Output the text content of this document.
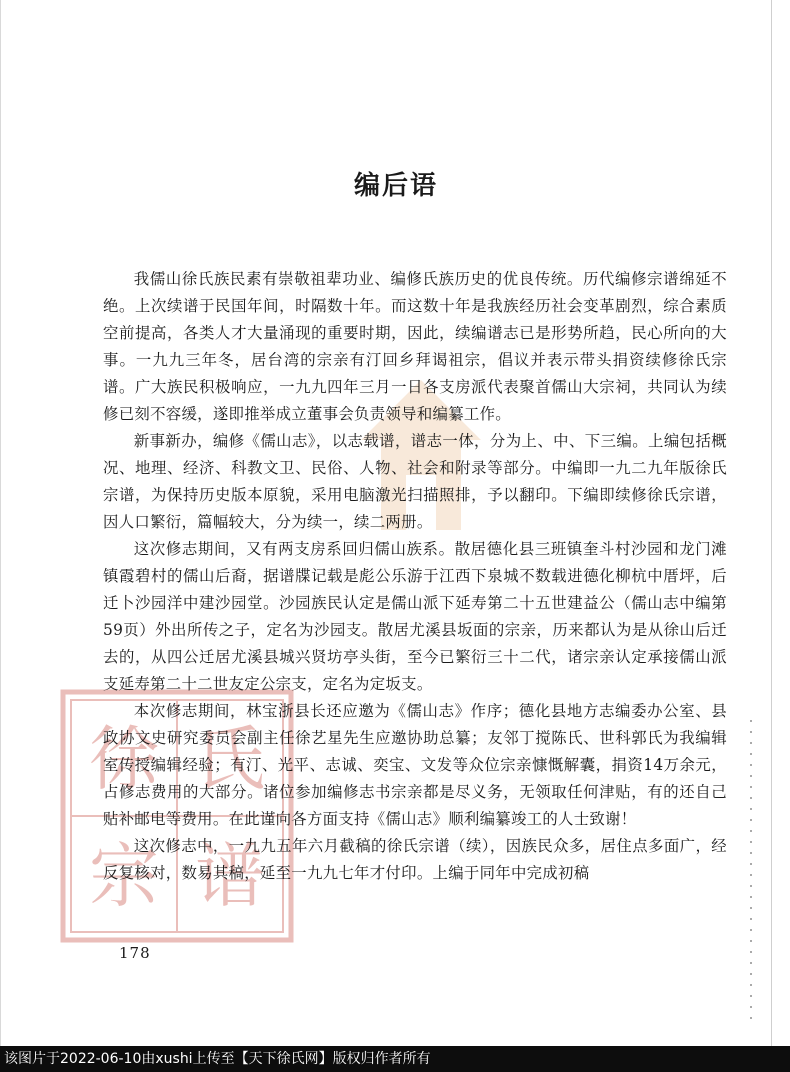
徐 氏
宗 谱
编后语

我儒山徐氏族民素有崇敬祖辈功业、编修氏族历史的优良传统。历代编修宗谱绵延不绝。上次续谱于民国年间，时隔数十年。而这数十年是我族经历社会变革剧烈，综合素质空前提高，各类人才大量涌现的重要时期，因此，续编谱志已是形势所趋，民心所向的大事。一九九三年冬，居台湾的宗亲有汀回乡拜谒祖宗，倡议并表示带头捐资续修徐氏宗谱。广大族民积极响应，一九九四年三月一日各支房派代表聚首儒山大宗祠，共同认为续修已刻不容缓，遂即推举成立董事会负责领导和编纂工作。

新事新办，编修《儒山志》，以志载谱，谱志一体，分为上、中、下三编。上编包括概况、地理、经济、科教文卫、民俗、人物、社会和附录等部分。中编即一九二九年版徐氏宗谱，为保持历史版本原貌，采用电脑激光扫描照排，予以翻印。下编即续修徐氏宗谱，因人口繁衍，篇幅较大，分为续一，续二两册。

这次修志期间，又有两支房系回归儒山族系。散居德化县三班镇奎斗村沙园和龙门滩镇霞碧村的儒山后裔，据谱牒记载是彪公乐游于江西下泉城不数载进德化柳杭中厝坪，后迁卜沙园洋中建沙园堂。沙园族民认定是儒山派下延寿第二十五世建益公（儒山志中编第59页）外出所传之子，定名为沙园支。散居尤溪县坂面的宗亲，历来都认为是从徐山后迁去的，从四公迁居尤溪县城兴贤坊亭头街，至今已繁衍三十二代，诸宗亲认定承接儒山派支延寿第二十二世友定公宗支，定名为定坂支。

本次修志期间，林宝浙县长还应邀为《儒山志》作序；德化县地方志编委办公室、县政协文史研究委员会副主任徐艺星先生应邀协助总纂；友邻丁搅陈氏、世科郭氏为我编辑室传授编辑经验；有汀、光平、志诚、奕宝、文发等众位宗亲慷慨解囊，捐资14万余元，占修志费用的大部分。诸位参加编修志书宗亲都是尽义务，无领取任何津贴，有的还自己贴补邮电等费用。在此谨向各方面支持《儒山志》顺利编纂竣工的人士致谢！

这次修志中，一九九五年六月截稿的徐氏宗谱（续），因族民众多，居住点多面广，经反复核对，数易其稿，延至一九九七年才付印。上编于同年中完成初稿

178
该图片于2022-06-10由xushi上传至【天下徐氏网】版权归作者所有
